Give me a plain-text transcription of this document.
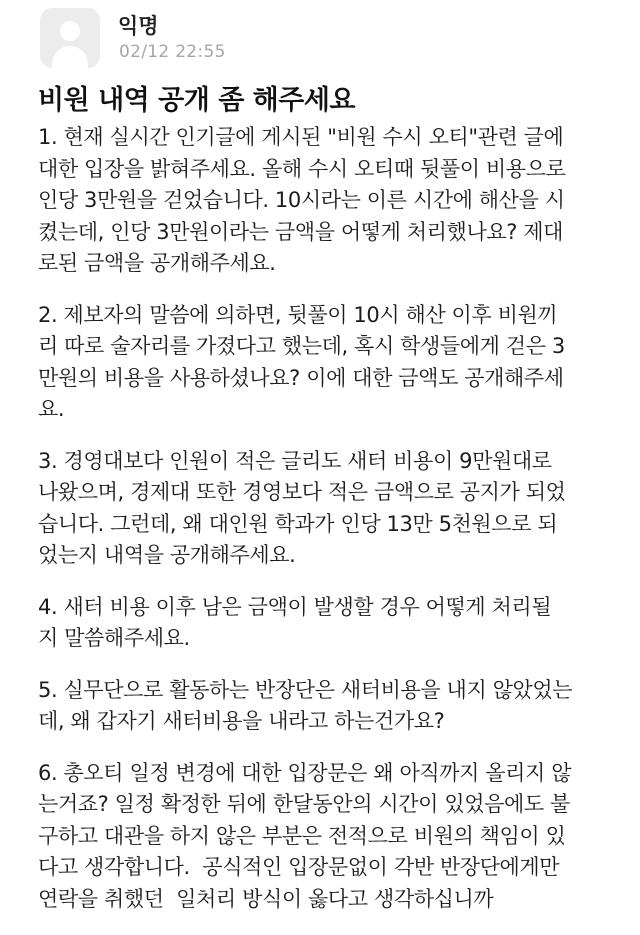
익명
02/12 22:55
비원 내역 공개 좀 해주세요
1. 현재 실시간 인기글에 게시된 "비원 수시 오티"관련 글에
대한 입장을 밝혀주세요. 올해 수시 오티때 뒷풀이 비용으로
인당 3만원을 걷었습니다. 10시라는 이른 시간에 해산을 시
켰는데, 인당 3만원이라는 금액을 어떻게 처리했나요? 제대
로된 금액을 공개해주세요.
2. 제보자의 말씀에 의하면, 뒷풀이 10시 해산 이후 비원끼
리 따로 술자리를 가졌다고 했는데, 혹시 학생들에게 걷은 3
만원의 비용을 사용하셨나요? 이에 대한 금액도 공개해주세
요.
3. 경영대보다 인원이 적은 글리도 새터 비용이 9만원대로
나왔으며, 경제대 또한 경영보다 적은 금액으로 공지가 되었
습니다. 그런데, 왜 대인원 학과가 인당 13만 5천원으로 되
었는지 내역을 공개해주세요.
4. 새터 비용 이후 남은 금액이 발생할 경우 어떻게 처리될
지 말씀해주세요.
5. 실무단으로 활동하는 반장단은 새터비용을 내지 않았었는
데, 왜 갑자기 새터비용을 내라고 하는건가요?
6. 총오티 일정 변경에 대한 입장문은 왜 아직까지 올리지 않
는거죠? 일정 확정한 뒤에 한달동안의 시간이 있었음에도 불
구하고 대관을 하지 않은 부분은 전적으로 비원의 책임이 있
다고 생각합니다.  공식적인 입장문없이 각반 반장단에게만
연락을 취했던  일처리 방식이 옳다고 생각하십니까
